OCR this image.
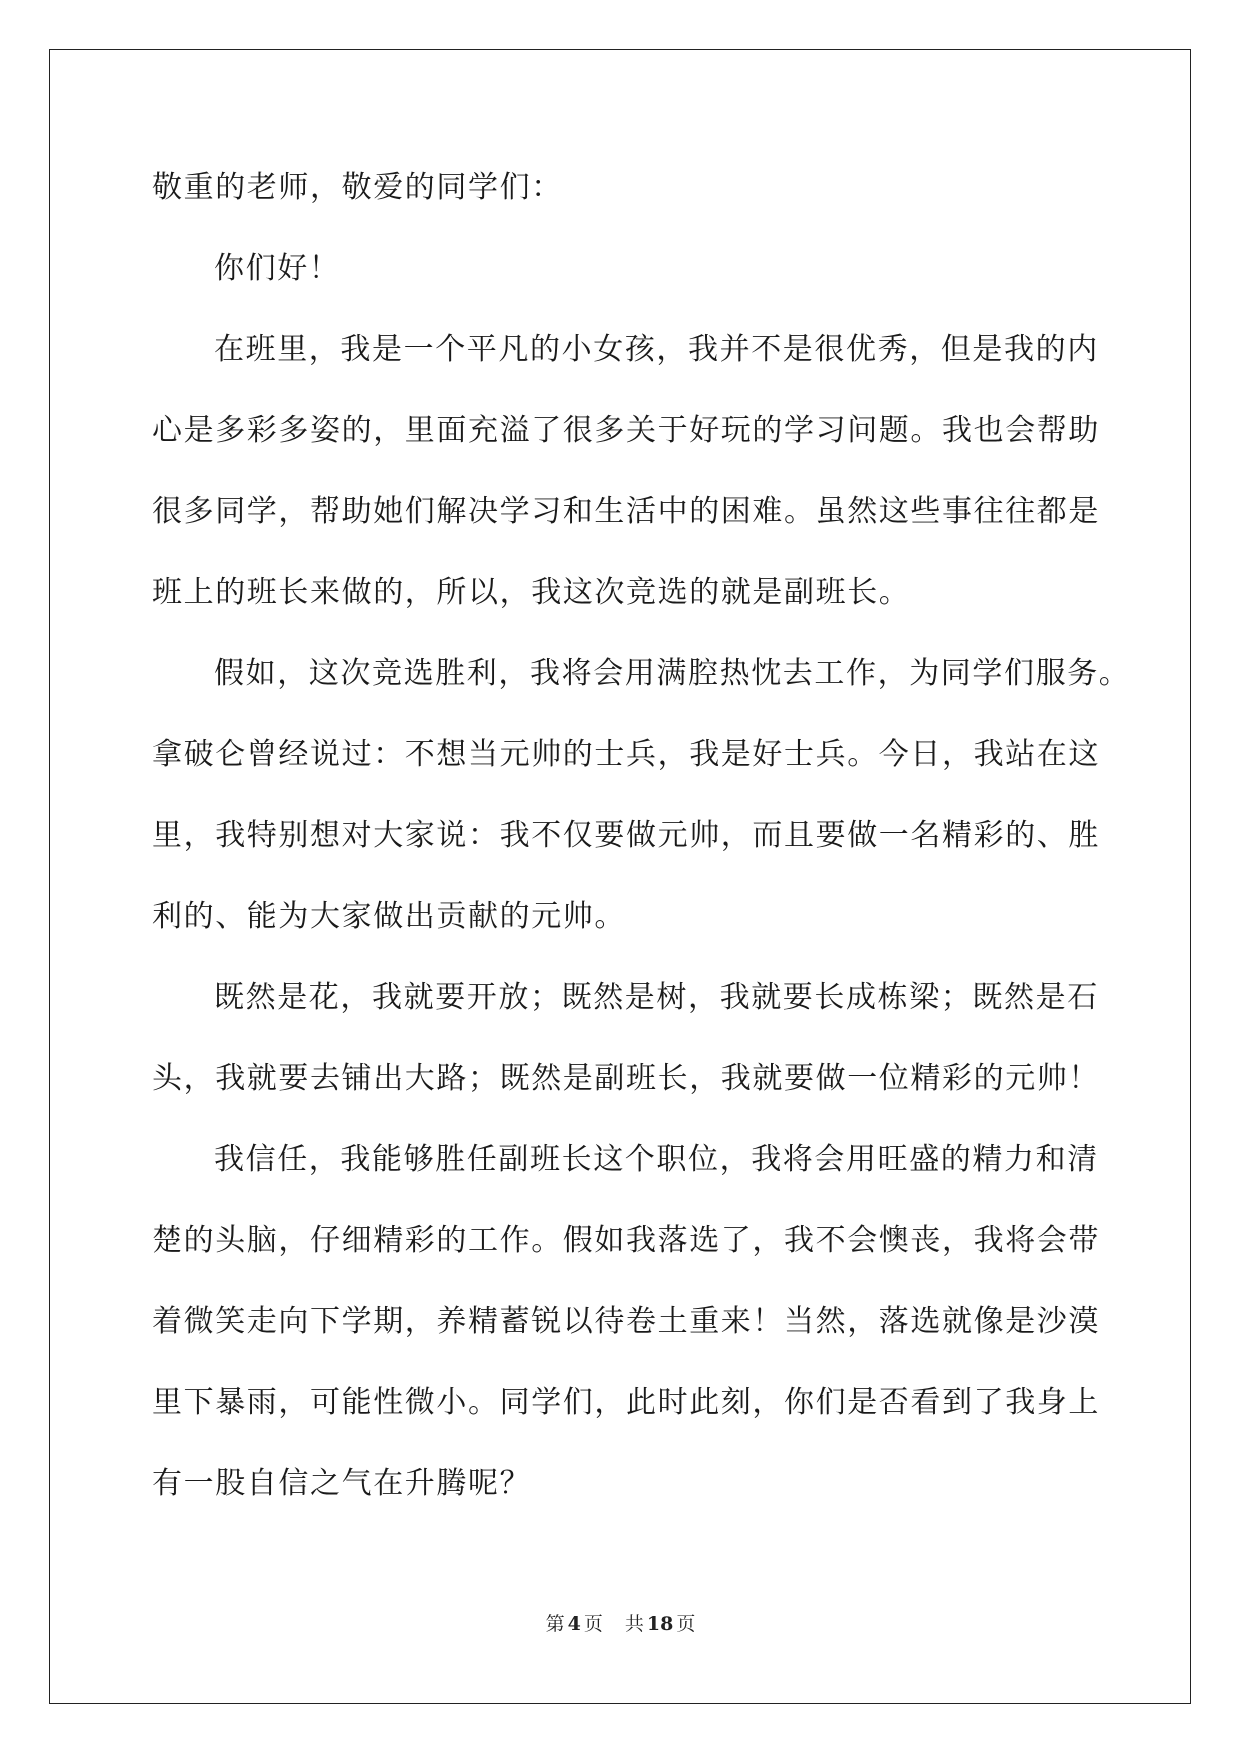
敬重的老师，敬爱的同学们：
你们好！
在班里，我是一个平凡的小女孩，我并不是很优秀，但是我的内
心是多彩多姿的，里面充溢了很多关于好玩的学习问题。我也会帮助
很多同学，帮助她们解决学习和生活中的困难。虽然这些事往往都是
班上的班长来做的，所以，我这次竞选的就是副班长。
假如，这次竞选胜利，我将会用满腔热忱去工作，为同学们服务。
拿破仑曾经说过：不想当元帅的士兵，我是好士兵。今日，我站在这
里，我特别想对大家说：我不仅要做元帅，而且要做一名精彩的、胜
利的、能为大家做出贡献的元帅。
既然是花，我就要开放；既然是树，我就要长成栋梁；既然是石
头，我就要去铺出大路；既然是副班长，我就要做一位精彩的元帅！
我信任，我能够胜任副班长这个职位，我将会用旺盛的精力和清
楚的头脑，仔细精彩的工作。假如我落选了，我不会懊丧，我将会带
着微笑走向下学期，养精蓄锐以待卷土重来！当然，落选就像是沙漠
里下暴雨，可能性微小。同学们，此时此刻，你们是否看到了我身上
有一股自信之气在升腾呢？
第 4 页 共 18 页
